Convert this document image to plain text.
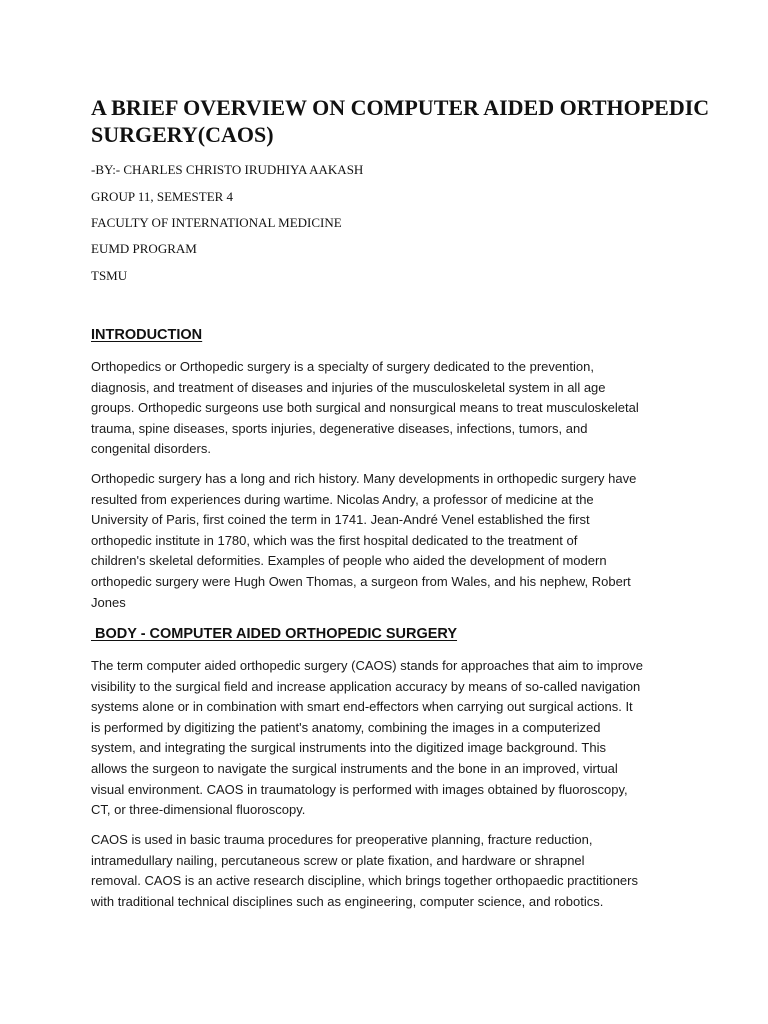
A BRIEF OVERVIEW ON COMPUTER AIDED ORTHOPEDIC SURGERY(CAOS)

-BY:- CHARLES CHRISTO IRUDHIYA AAKASH

GROUP 11, SEMESTER 4

FACULTY OF INTERNATIONAL MEDICINE

EUMD PROGRAM

TSMU

INTRODUCTION

Orthopedics or Orthopedic surgery is a specialty of surgery dedicated to the prevention,
diagnosis, and treatment of diseases and injuries of the musculoskeletal system in all age
groups. Orthopedic surgeons use both surgical and nonsurgical means to treat musculoskeletal
trauma, spine diseases, sports injuries, degenerative diseases, infections, tumors, and
congenital disorders.

Orthopedic surgery has a long and rich history. Many developments in orthopedic surgery have
resulted from experiences during wartime. Nicolas Andry, a professor of medicine at the
University of Paris, first coined the term in 1741. Jean-André Venel established the first
orthopedic institute in 1780, which was the first hospital dedicated to the treatment of
children's skeletal deformities. Examples of people who aided the development of modern
orthopedic surgery were Hugh Owen Thomas, a surgeon from Wales, and his nephew, Robert
Jones

BODY - COMPUTER AIDED ORTHOPEDIC SURGERY

The term computer aided orthopedic surgery (CAOS) stands for approaches that aim to improve
visibility to the surgical field and increase application accuracy by means of so-called navigation
systems alone or in combination with smart end-effectors when carrying out surgical actions. It
is performed by digitizing the patient's anatomy, combining the images in a computerized
system, and integrating the surgical instruments into the digitized image background. This
allows the surgeon to navigate the surgical instruments and the bone in an improved, virtual
visual environment. CAOS in traumatology is performed with images obtained by fluoroscopy,
CT, or three-dimensional fluoroscopy.

CAOS is used in basic trauma procedures for preoperative planning, fracture reduction,
intramedullary nailing, percutaneous screw or plate fixation, and hardware or shrapnel
removal. CAOS is an active research discipline, which brings together orthopaedic practitioners
with traditional technical disciplines such as engineering, computer science, and robotics.
